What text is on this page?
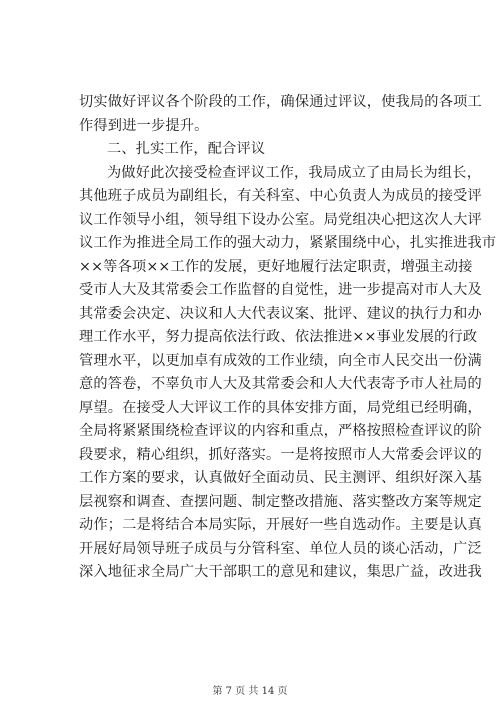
切实做好评议各个阶段的工作，确保通过评议，使我局的各项工
作得到进一步提升。
二、扎实工作，配合评议
为做好此次接受检查评议工作，我局成立了由局长为组长，
其他班子成员为副组长，有关科室、中心负责人为成员的接受评
议工作领导小组，领导组下设办公室。局党组决心把这次人大评
议工作为推进全局工作的强大动力，紧紧围绕中心，扎实推进我市
××等各项××工作的发展，更好地履行法定职责，增强主动接
受市人大及其常委会工作监督的自觉性，进一步提高对市人大及
其常委会决定、决议和人大代表议案、批评、建议的执行力和办
理工作水平，努力提高依法行政、依法推进××事业发展的行政
管理水平，以更加卓有成效的工作业绩，向全市人民交出一份满
意的答卷，不辜负市人大及其常委会和人大代表寄予市人社局的
厚望。在接受人大评议工作的具体安排方面，局党组已经明确，
全局将紧紧围绕检查评议的内容和重点，严格按照检查评议的阶
段要求，精心组织，抓好落实。一是将按照市人大常委会评议的
工作方案的要求，认真做好全面动员、民主测评、组织好深入基
层视察和调查、查摆问题、制定整改措施、落实整改方案等规定
动作；二是将结合本局实际，开展好一些自选动作。主要是认真
开展好局领导班子成员与分管科室、单位人员的谈心活动，广泛
深入地征求全局广大干部职工的意见和建议，集思广益，改进我
第 7 页 共 14 页
